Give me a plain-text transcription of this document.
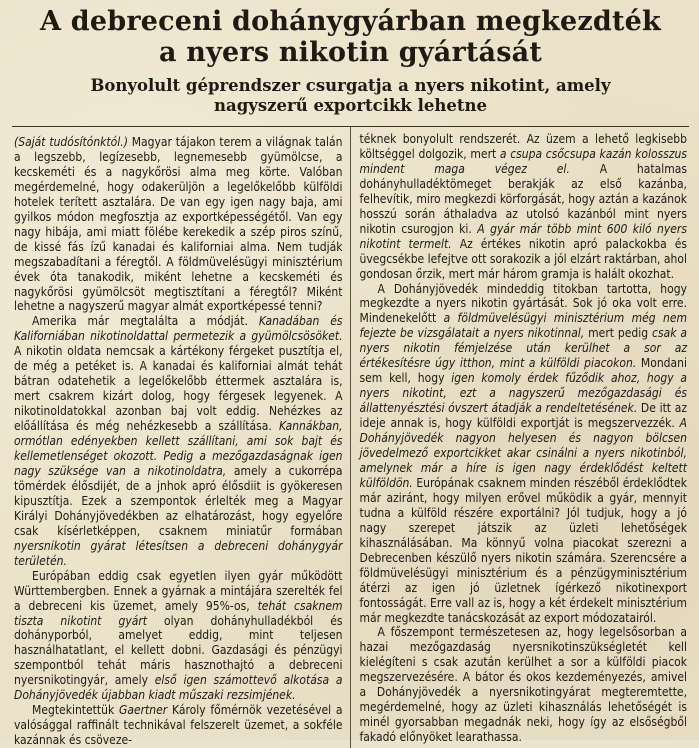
A debreceni dohánygyárban megkezdték
a nyers nikotin gyártását
Bonyolult géprendszer csurgatja a nyers nikotint, amely
nagyszerű exportcikk lehetne

(Saját tudósítónktól.) Magyar tájakon terem a világnak talán a legszebb, legízesebb, legnemesebb gyümölcse, a kecskeméti és a nagykőrösi alma meg körte. Valóban megérdemelné, hogy odakerüljön a legelőkelőbb külföldi hotelek terített asztalára. De van egy igen nagy baja, ami gyilkos módon megfosztja az exportképességétől. Van egy nagy hibája, ami miatt fölébe kerekedik a szép piros színű, de kissé fás ízű kanadai és kaliforniai alma. Nem tudják megszabadítani a féregtől. A földmüvelésügyi minisztérium évek óta tanakodik, miként lehetne a kecskeméti és nagykőrösi gyümölcsöt megtisztítani a féregtől? Miként lehetne a nagyszerű magyar almát exportképessé tenni?

Amerika már megtalálta a módját. Kanadában és Kaliforniában nikotinoldattal permetezik a gyümölcsösöket. A nikotin oldata nemcsak a kártékony férgeket pusztítja el, de még a petéket is. A kanadai és kaliforniai almát tehát bátran odatehetik a legelőkelőbb éttermek asztalára is, mert csakrem kizárt dolog, hogy férgesek legyenek. A nikotinoldatokkal azonban baj volt eddig. Nehézkes az előállítása és még nehézkesebb a szállítása. Kannákban, ormótlan edényekben kellett szállítani, ami sok bajt és kellemetlenséget okozott. Pedig a mezőgazdaságnak igen nagy szüksége van a nikotinoldatra, amely a cukorrépa tömérdek élősdijét, de a jnhok apró élősdiit is gyökeresen kipusztítja. Ezek a szempontok érlelték meg a Magyar Királyi Dohányjövedékben az elhatározást, hogy egyelőre csak kísérletképpen, csaknem miniatűr formában nyersnikotin gyárat létesítsen a debreceni dohánygyár területén.

Európában eddig csak egyetlen ilyen gyár működött Württembergben. Ennek a gyárnak a mintájára szerelték fel a debreceni kis üzemet, amely 95%-os, tehát csaknem tiszta nikotint gyárt olyan dohányhulladékból és dohányporból, amelyet eddig, mint teljesen használhatatlant, el kellett dobni. Gazdasági és pénzügyi szempontból tehát máris hasznothajtó a debreceni nyersnikotingyár, amely első igen számottevő alkotása a Dohányjövedék újabban kiadt műszaki rezsimjének.

Megtekintettük Gaertner Károly főmérnök vezetésével a valósággal raffinált technikával felszerelt üzemet, a sokféle kazánnak és csöveze-

téknek bonyolult rendszerét. Az üzem a lehető legkisebb költséggel dolgozik, mert a csupa csőcsupa kazán kolosszus mindent maga végez el. A hatalmas dohányhulladéktömeget berakják az első kazánba, felhevítik, miro megkezdi körforgását, hogy aztán a kazánok hosszú során áthaladva az utolsó kazánból mint nyers nikotin csurogjon ki. A gyár már több mint 600 kiló nyers nikotint termelt. Az értékes nikotin apró palackokba és üvegcsékbe lefejtve ott sorakozik a jól elzárt raktárban, ahol gondosan őrzik, mert már három gramja is halált okozhat.

A Dohányjövedék mindeddig titokban tartotta, hogy megkezdte a nyers nikotin gyártását. Sok jó oka volt erre. Mindenekelőtt a földmüvelésügyi minisztérium még nem fejezte be vizsgálatait a nyers nikotinnal, mert pedig csak a nyers nikotin fémjelzése után kerülhet a sor az értékesítésre úgy itthon, mint a külföldi piacokon. Mondani sem kell, hogy igen komoly érdek fűződik ahoz, hogy a nyers nikotint, ezt a nagyszerű mezőgazdasági és állattenyésztési óvszert átadják a rendeltetésének. De itt az ideje annak is, hogy külföldi exportját is megszervezzék. A Dohányjövedék nagyon helyesen és nagyon bölcsen jövedelmező exportcikket akar csinálni a nyers nikotinból, amelynek már a híre is igen nagy érdeklődést keltett külföldön. Európának csaknem minden részéből érdeklődtek már aziránt, hogy milyen erővel működik a gyár, mennyit tudna a külföld részére exportálni? Jól tudjuk, hogy a jó nagy szerepet játszik az üzleti lehetőségek kihasználásában. Ma könnyű volna piacokat szerezni a Debrecenben készülő nyers nikotin számára. Szerencsére a földmüvelésügyi minisztérium és a pénzügyminisztérium átérzi az igen jó üzletnek ígérkező nikotinexport fontosságát. Erre vall az is, hogy a két érdekelt minisztérium már megkezdte tanácskozását az export módozatairól.

A főszempont természetesen az, hogy legelsősorban a hazai mezőgazdaság nyersnikotinszükségletét kell kielégíteni s csak azután kerülhet a sor a külföldi piacok megszervezésére. A bátor és okos kezdeményezés, amivel a Dohányjövedék a nyersnikotingyárat megteremtette, megérdemelné, hogy az üzleti kihasználás lehetőségét is minél gyorsabban megadnák neki, hogy így az elsőségből fakadó előnyöket learathassa.
